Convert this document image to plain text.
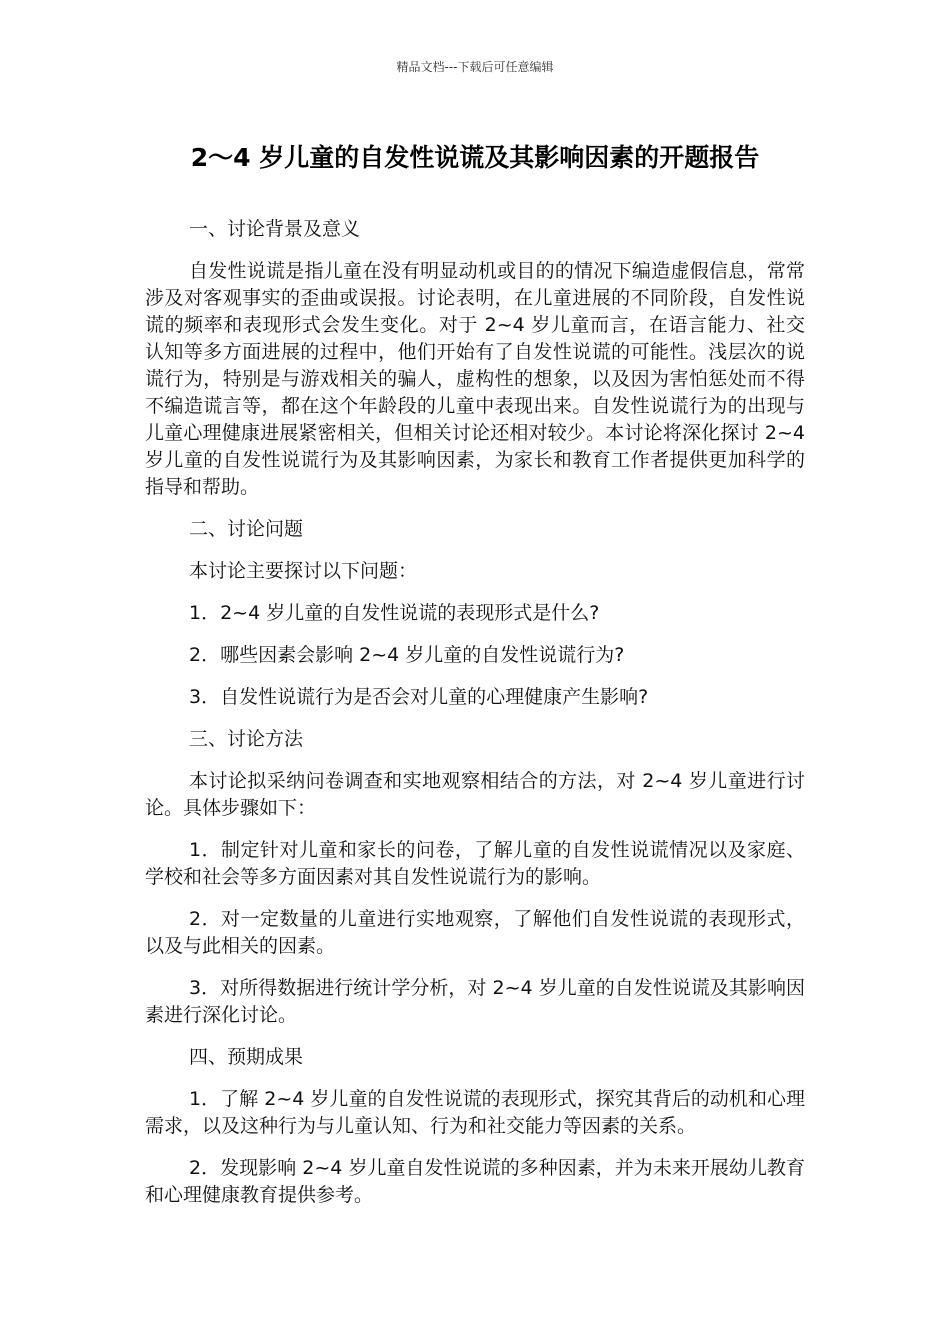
精品文档---下载后可任意编辑
2～4 岁儿童的自发性说谎及其影响因素的开题报告
一、讨论背景及意义
自发性说谎是指儿童在没有明显动机或目的的情况下编造虚假信息，常常涉及对客观事实的歪曲或误报。讨论表明，在儿童进展的不同阶段，自发性说谎的频率和表现形式会发生变化。对于 2~4 岁儿童而言，在语言能力、社交认知等多方面进展的过程中，他们开始有了自发性说谎的可能性。浅层次的说谎行为，特别是与游戏相关的骗人，虚构性的想象，以及因为害怕惩处而不得不编造谎言等，都在这个年龄段的儿童中表现出来。自发性说谎行为的出现与儿童心理健康进展紧密相关，但相关讨论还相对较少。本讨论将深化探讨 2~4 岁儿童的自发性说谎行为及其影响因素，为家长和教育工作者提供更加科学的指导和帮助。
二、讨论问题
本讨论主要探讨以下问题：
1．2~4 岁儿童的自发性说谎的表现形式是什么?
2．哪些因素会影响 2~4 岁儿童的自发性说谎行为?
3．自发性说谎行为是否会对儿童的心理健康产生影响?
三、讨论方法
本讨论拟采纳问卷调查和实地观察相结合的方法，对 2~4 岁儿童进行讨论。具体步骤如下：
1．制定针对儿童和家长的问卷，了解儿童的自发性说谎情况以及家庭、学校和社会等多方面因素对其自发性说谎行为的影响。
2．对一定数量的儿童进行实地观察，了解他们自发性说谎的表现形式，以及与此相关的因素。
3．对所得数据进行统计学分析，对 2~4 岁儿童的自发性说谎及其影响因素进行深化讨论。
四、预期成果
1．了解 2~4 岁儿童的自发性说谎的表现形式，探究其背后的动机和心理需求，以及这种行为与儿童认知、行为和社交能力等因素的关系。
2．发现影响 2~4 岁儿童自发性说谎的多种因素，并为未来开展幼儿教育和心理健康教育提供参考。
